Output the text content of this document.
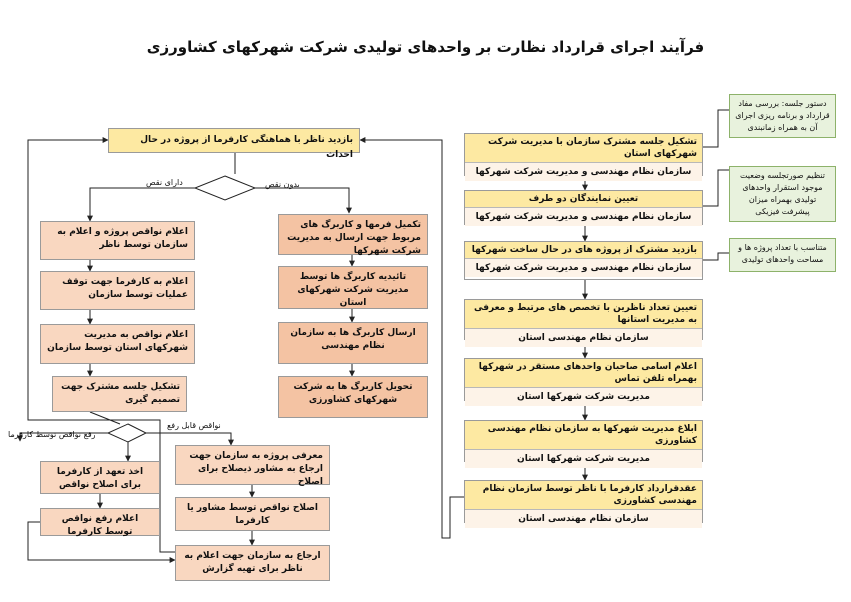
فرآیند اجرای قرارداد نظارت بر واحدهای تولیدی شرکت شهرکهای کشاورزی
تشکیل جلسه مشترک سازمان با مدیریت شرکت شهرکهای استان
سازمان نظام مهندسی و مدیریت شرکت شهرکها
تعیین نمایندگان دو طرف
سازمان نظام مهندسی و مدیریت شرکت شهرکها
بازدید مشترک از پروژه های در حال ساخت شهرکها
سازمان نظام مهندسی و مدیریت شرکت شهرکها
تعیین تعداد ناظرین با تخصص های مرتبط و معرفی به مدیریت استانها
سازمان نظام مهندسی استان
اعلام اسامی صاحبان واحدهای مستقر در شهرکها بهمراه تلفن تماس
مدیریت شرکت شهرکها استان
ابلاغ مدیریت شهرکها به سازمان نظام مهندسی کشاورزی
مدیریت شرکت شهرکها استان
عقدقرارداد کارفرما با ناظر توسط سازمان نظام مهندسی کشاورزی
سازمان نظام مهندسی استان
دستور جلسه: بررسی مفاد قرارداد و برنامه ریزی اجرای آن به همراه زمانبندی
تنظیم صورتجلسه وضعیت موجود استقرار واحدهای تولیدی بهمراه میزان پیشرفت فیزیکی
متناسب با تعداد پروژه ها و مساحت واحدهای تولیدی
بازدید ناظر با هماهنگی کارفرما از پروژه در حال احداث
دارای نقص	بدون نقص
نواقص قابل رفع
رفع نواقص توسط کارفرما
تکمیل فرمها و کاربرگ های مربوط جهت ارسال به مدیریت شرکت شهرکها
تائیدیه کاربرگ ها توسط مدیریت شرکت شهرکهای استان
ارسال کاربرگ ها به سازمان نظام مهندسی
تحویل کاربرگ ها به شرکت شهرکهای کشاورزی
اعلام نواقص پروژه و اعلام به سازمان توسط ناظر
اعلام به کارفرما جهت توقف عملیات توسط سازمان
اعلام نواقص به مدیریت شهرکهای استان توسط سازمان
تشکیل جلسه مشترک جهت تصمیم گیری
اخذ تعهد از کارفرما برای اصلاح نواقص
اعلام رفع نواقص توسط کارفرما
معرفی پروژه به سازمان جهت ارجاع به مشاور ذیصلاح برای اصلاح
اصلاح نواقص توسط مشاور یا کارفرما
ارجاع به سازمان جهت اعلام به ناظر برای تهیه گزارش
